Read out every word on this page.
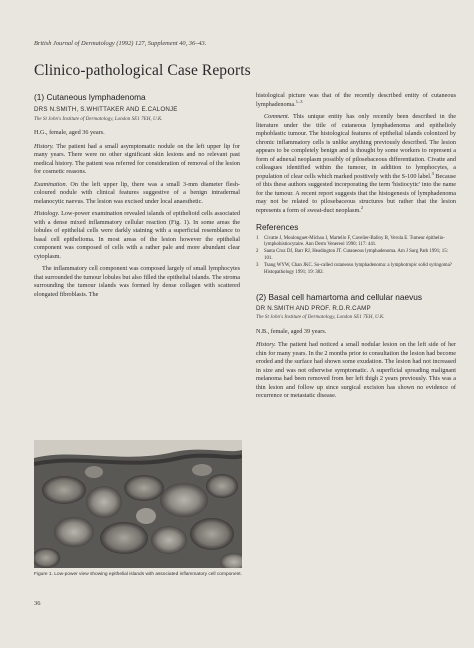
British Journal of Dermatology (1992) 127, Supplement 40, 36–43.
Clinico-pathological Case Reports
(1) Cutaneous lymphadenoma
DRS N.SMITH, S.WHITTAKER AND E.CALONJE
The St John's Institute of Dermatology, London SE1 7EH, U.K.
H.G., female, aged 36 years.

History. The patient had a small asymptomatic nodule on the left upper lip for many years. There were no other significant skin lesions and no relevant past medical history. The patient was referred for consideration of removal of the lesion for cosmetic reasons.

Examination. On the left upper lip, there was a small 3-mm diameter flesh-coloured nodule with clinical features suggestive of a benign intradermal melanocytic naevus. The lesion was excised under local anaesthetic.

Histology. Low-power examination revealed islands of epithelioid cells associated with a dense mixed inflammatory cellular reaction (Fig. 1). In some areas the lobules of epithelial cells were darkly staining with a superficial resemblance to basal cell epithelioma. In most areas of the lesion however the epithelial component was composed of cells with a rather pale and more abundant clear cytoplasm.

The inflammatory cell component was composed largely of small lymphocytes that surrounded the tumour lobules but also filled the epithelial islands. The stroma surrounding the tumour islands was formed by dense collagen with scattered elongated fibroblasts. The

Figure 1. Low-power view showing epithelial islands with associated inflammatory cell component.
36

histological picture was that of the recently described entity of cutaneous lymphadenoma.$^{1-3}$

Comment. This unique entity has only recently been described in the literature under the title of cutaneous lymphadenoma and epithelioly mphoblastic tumour. The histological features of epithelial islands colonized by chronic inflammatory cells is unlike anything previously described. The lesion appears to be completely benign and is thought by some workers to represent a form of adnexal neoplasm possibly of pilosebaceous differentiation. Civatte and colleagues identified within the tumour, in addition to lymphocytes, a population of clear cells which marked positively with the S-100 label.$^3$ Because of this these authors suggested incorporating the term 'histiocytic' into the name for the tumour. A recent report suggests that the histogenesis of lymphadenoma may not be related to pilosebaceous structures but rather that the lesion represents a form of sweat-duct neoplasm.$^2$

References
1 Civatte J, Moulonguet-Michau I, Martello F, Cavelier-Balloy B, Verola E. Tumeur épithelio-lymphohistiocytaire. Ann Derm Venereol 1990; 117: 441.
2 Santa Cruz DJ, Barr RJ, Headington JT. Cutaneous lymphadenoma. Am J Surg Path 1991; 15: 101.
3 Tsang WYW, Chan JKC. So-called cutaneous lymphadenoma: a lymphotropic solid syringoma? Histopathology 1991; 19: 382.
(2) Basal cell hamartoma and cellular naevus
DR N.SMITH AND PROF. R.D.R.CAMP
The St John's Institute of Dermatology, London SE1 7EH, U.K.
N.B., female, aged 39 years.

History. The patient had noticed a small nodular lesion on the left side of her chin for many years. In the 2 months prior to consultation the lesion had become eroded and the surface had shown some exudation. The lesion had not increased in size and was not otherwise symptomatic. A superficial spreading malignant melanoma had been removed from her left thigh 2 years previously. This was a thin lesion and follow up since surgical excision has shown no evidence of recurrence or metastatic disease.
